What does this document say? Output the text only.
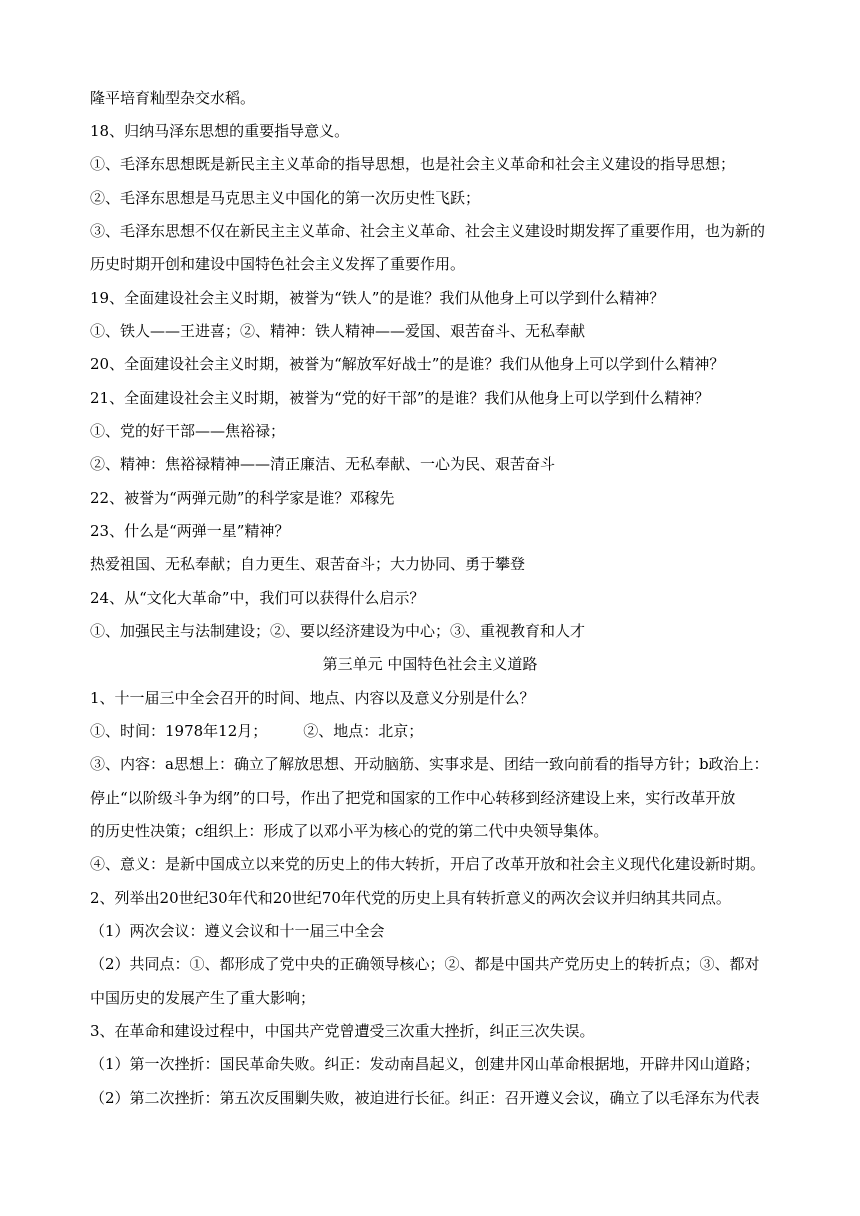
隆平培育籼型杂交水稻。
18、归纳马泽东思想的重要指导意义。
①、毛泽东思想既是新民主主义革命的指导思想，也是社会主义革命和社会主义建设的指导思想；
②、毛泽东思想是马克思主义中国化的第一次历史性飞跃；
③、毛泽东思想不仅在新民主主义革命、社会主义革命、社会主义建设时期发挥了重要作用，也为新的
历史时期开创和建设中国特色社会主义发挥了重要作用。
19、全面建设社会主义时期，被誉为“铁人”的是谁？我们从他身上可以学到什么精神？
①、铁人——王进喜；②、精神：铁人精神——爱国、艰苦奋斗、无私奉献
20、全面建设社会主义时期，被誉为“解放军好战士”的是谁？我们从他身上可以学到什么精神？
21、全面建设社会主义时期，被誉为“党的好干部”的是谁？我们从他身上可以学到什么精神？
①、党的好干部——焦裕禄；
②、精神：焦裕禄精神——清正廉洁、无私奉献、一心为民、艰苦奋斗
22、被誉为“两弹元勋”的科学家是谁？邓稼先
23、什么是“两弹一星”精神？
热爱祖国、无私奉献；自力更生、艰苦奋斗；大力协同、勇于攀登
24、从“文化大革命”中，我们可以获得什么启示？
①、加强民主与法制建设；②、要以经济建设为中心；③、重视教育和人才
第三单元 中国特色社会主义道路
1、十一届三中全会召开的时间、地点、内容以及意义分别是什么？
①、时间：1978年12月； ②、地点：北京；
③、内容：a思想上：确立了解放思想、开动脑筋、实事求是、团结一致向前看的指导方针；b政治上：
停止“以阶级斗争为纲”的口号，作出了把党和国家的工作中心转移到经济建设上来，实行改革开放
的历史性决策；c组织上：形成了以邓小平为核心的党的第二代中央领导集体。
④、意义：是新中国成立以来党的历史上的伟大转折，开启了改革开放和社会主义现代化建设新时期。
2、列举出20世纪30年代和20世纪70年代党的历史上具有转折意义的两次会议并归纳其共同点。
（1）两次会议：遵义会议和十一届三中全会
（2）共同点：①、都形成了党中央的正确领导核心；②、都是中国共产党历史上的转折点；③、都对
中国历史的发展产生了重大影响；
3、在革命和建设过程中，中国共产党曾遭受三次重大挫折，纠正三次失误。
（1）第一次挫折：国民革命失败。纠正：发动南昌起义，创建井冈山革命根据地，开辟井冈山道路；
（2）第二次挫折：第五次反围剿失败，被迫进行长征。纠正：召开遵义会议，确立了以毛泽东为代表
